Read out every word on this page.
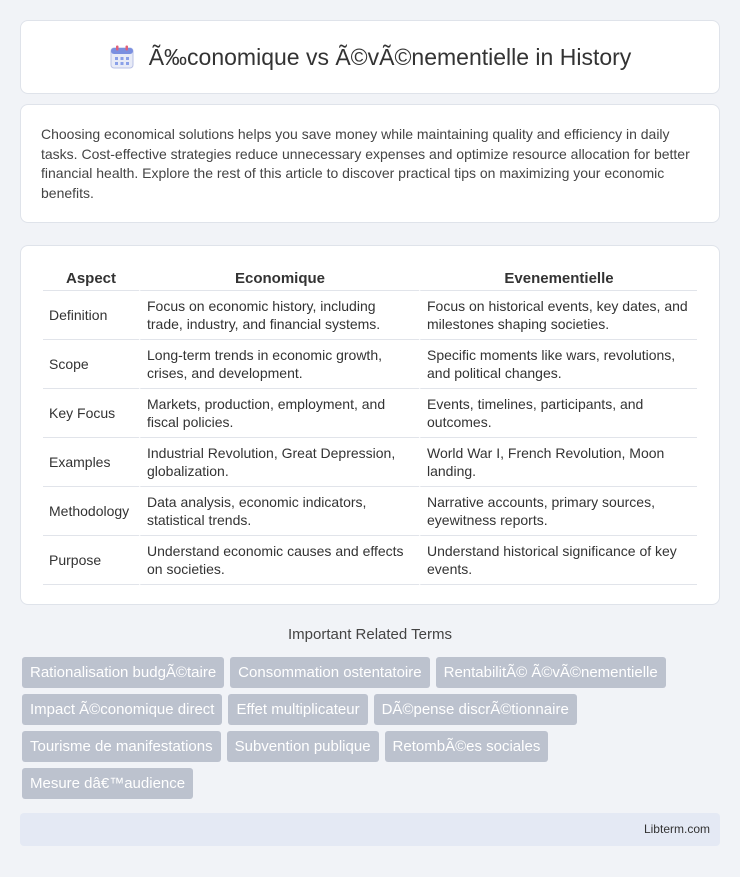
Ã‰conomique vs Ã©vÃ©nementielle in History

Choosing economical solutions helps you save money while maintaining quality and efficiency in daily tasks. Cost-effective strategies reduce unnecessary expenses and optimize resource allocation for better financial health. Explore the rest of this article to discover practical tips on maximizing your economic benefits.

Aspect	Economique	Evenementielle
Definition	Focus on economic history, including trade, industry, and financial systems.	Focus on historical events, key dates, and milestones shaping societies.
Scope	Long-term trends in economic growth, crises, and development.	Specific moments like wars, revolutions, and political changes.
Key Focus	Markets, production, employment, and fiscal policies.	Events, timelines, participants, and outcomes.
Examples	Industrial Revolution, Great Depression, globalization.	World War I, French Revolution, Moon landing.
Methodology	Data analysis, economic indicators, statistical trends.	Narrative accounts, primary sources, eyewitness reports.
Purpose	Understand economic causes and effects on societies.	Understand historical significance of key events.
Important Related Terms
Rationalisation budgÃ©taire	Consommation ostentatoire	RentabilitÃ© Ã©vÃ©nementielle
Impact Ã©conomique direct	Effet multiplicateur	DÃ©pense discrÃ©tionnaire
Tourisme de manifestations	Subvention publique	RetombÃ©es sociales
Mesure dâ€™audience
Libterm.com
